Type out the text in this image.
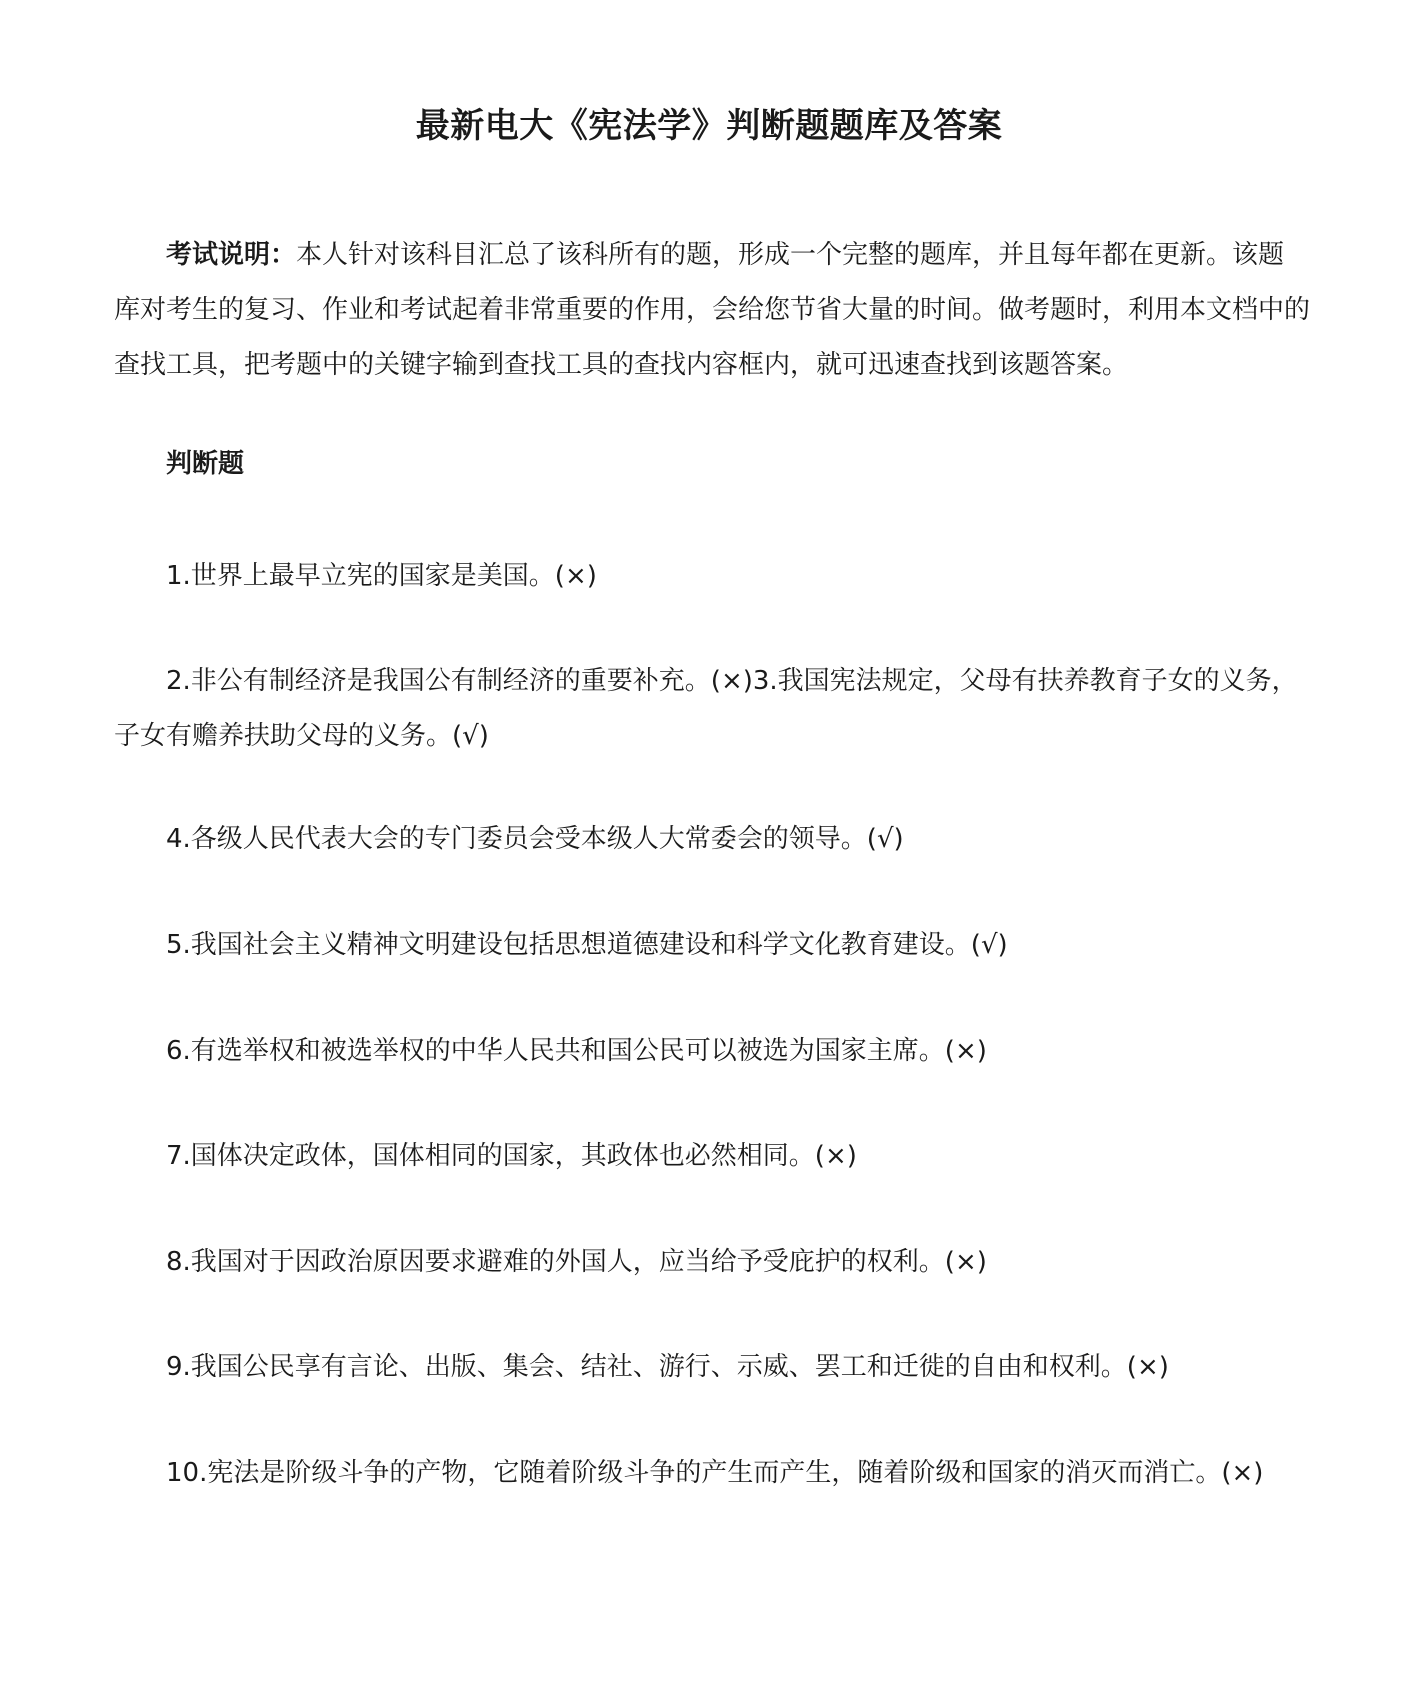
最新电大《宪法学》判断题题库及答案

考试说明：本人针对该科目汇总了该科所有的题，形成一个完整的题库，并且每年都在更新。该题库对考生的复习、作业和考试起着非常重要的作用，会给您节省大量的时间。做考题时，利用本文档中的查找工具，把考题中的关键字输到查找工具的查找内容框内，就可迅速查找到该题答案。

判断题

1.世界上最早立宪的国家是美国。(×)

2.非公有制经济是我国公有制经济的重要补充。(×)3.我国宪法规定，父母有扶养教育子女的义务，子女有赡养扶助父母的义务。(√)

4.各级人民代表大会的专门委员会受本级人大常委会的领导。(√)

5.我国社会主义精神文明建设包括思想道德建设和科学文化教育建设。(√)

6.有选举权和被选举权的中华人民共和国公民可以被选为国家主席。(×)

7.国体决定政体，国体相同的国家，其政体也必然相同。(×)

8.我国对于因政治原因要求避难的外国人，应当给予受庇护的权利。(×)

9.我国公民享有言论、出版、集会、结社、游行、示威、罢工和迁徙的自由和权利。(×)

10.宪法是阶级斗争的产物，它随着阶级斗争的产生而产生，随着阶级和国家的消灭而消亡。(×)
